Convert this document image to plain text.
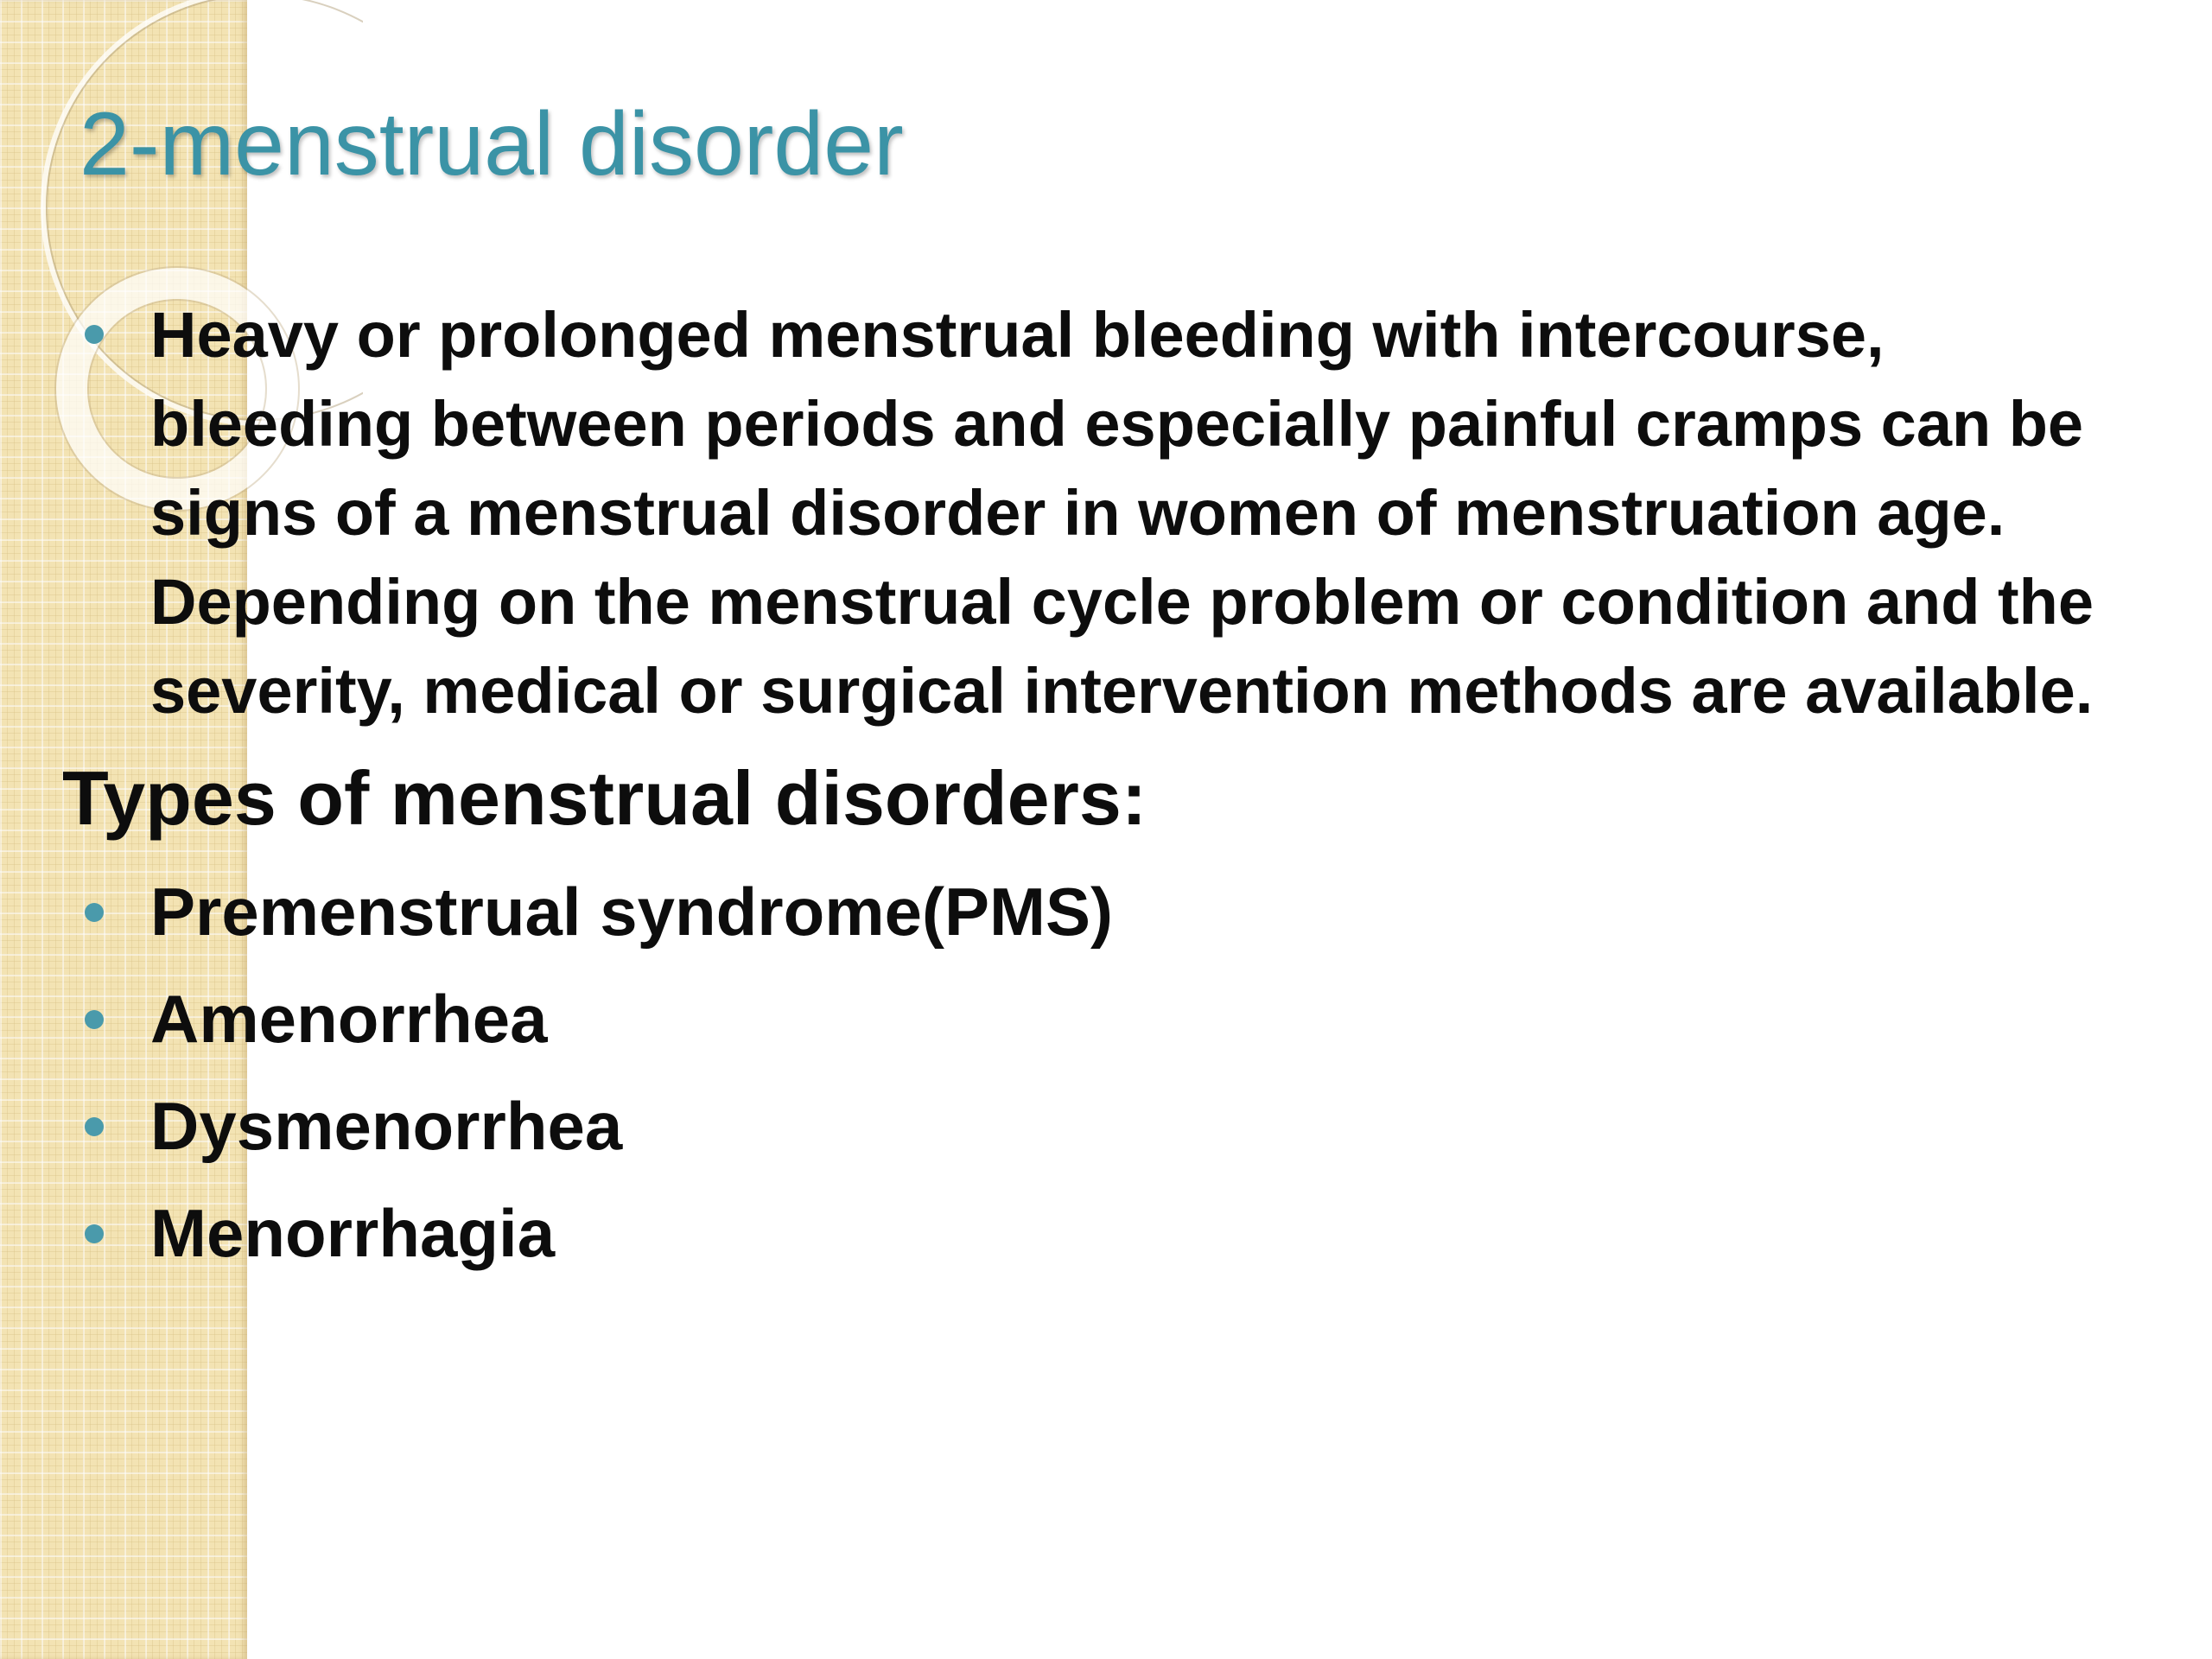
2-menstrual disorder

Heavy or prolonged menstrual bleeding with intercourse, bleeding between periods and especially painful cramps can be signs of a menstrual disorder in women of menstruation age. Depending on the menstrual cycle problem or condition and the severity, medical or surgical intervention methods are available.

Types of menstrual disorders:
Premenstrual syndrome(PMS)
Amenorrhea
Dysmenorrhea
Menorrhagia
